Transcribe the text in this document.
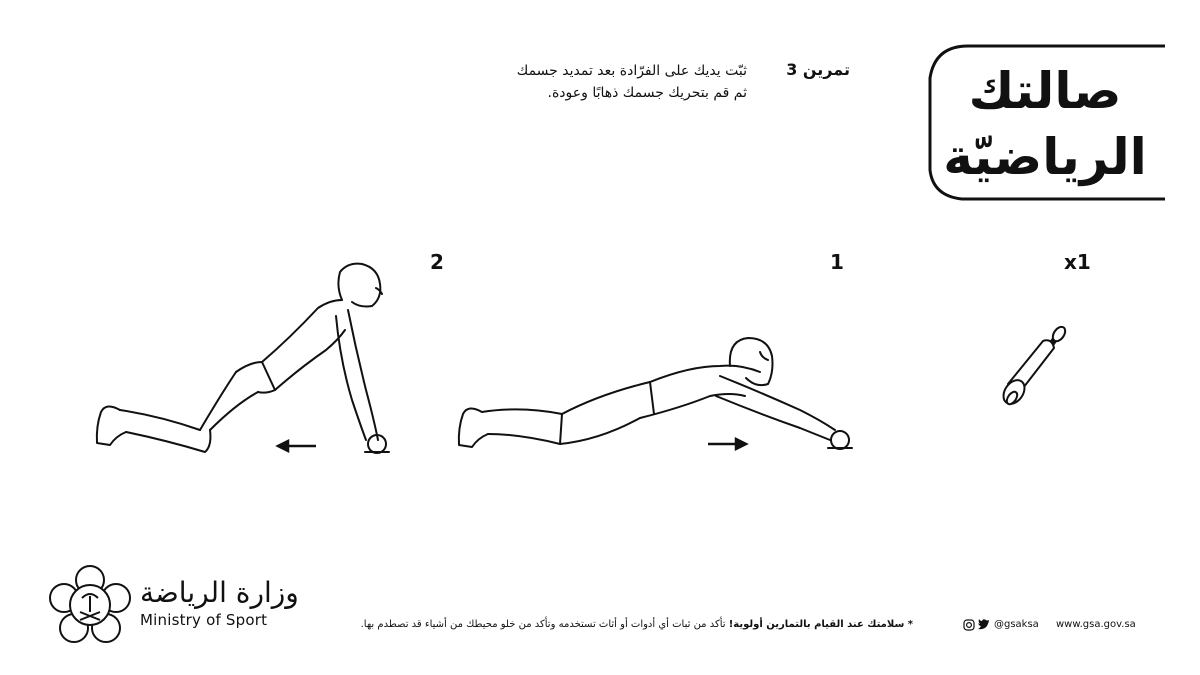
صالتك
الرياضيّة
تمرين 3
ثبّت يديك على الفرّادة بعد تمديد جسمك
ثم قم بتحريك جسمك ذهابًا وعودة.
x1
1
2
وزارة الرياضة
Ministry of Sport	* سلامتك عند القيام بالتمارين أولوية! تأكد من ثبات أي أدوات أو أثاث تستخدمه وتأكد من خلو محيطك من أشياء قد تصطدم بها.	@gsaksa www.gsa.gov.sa
